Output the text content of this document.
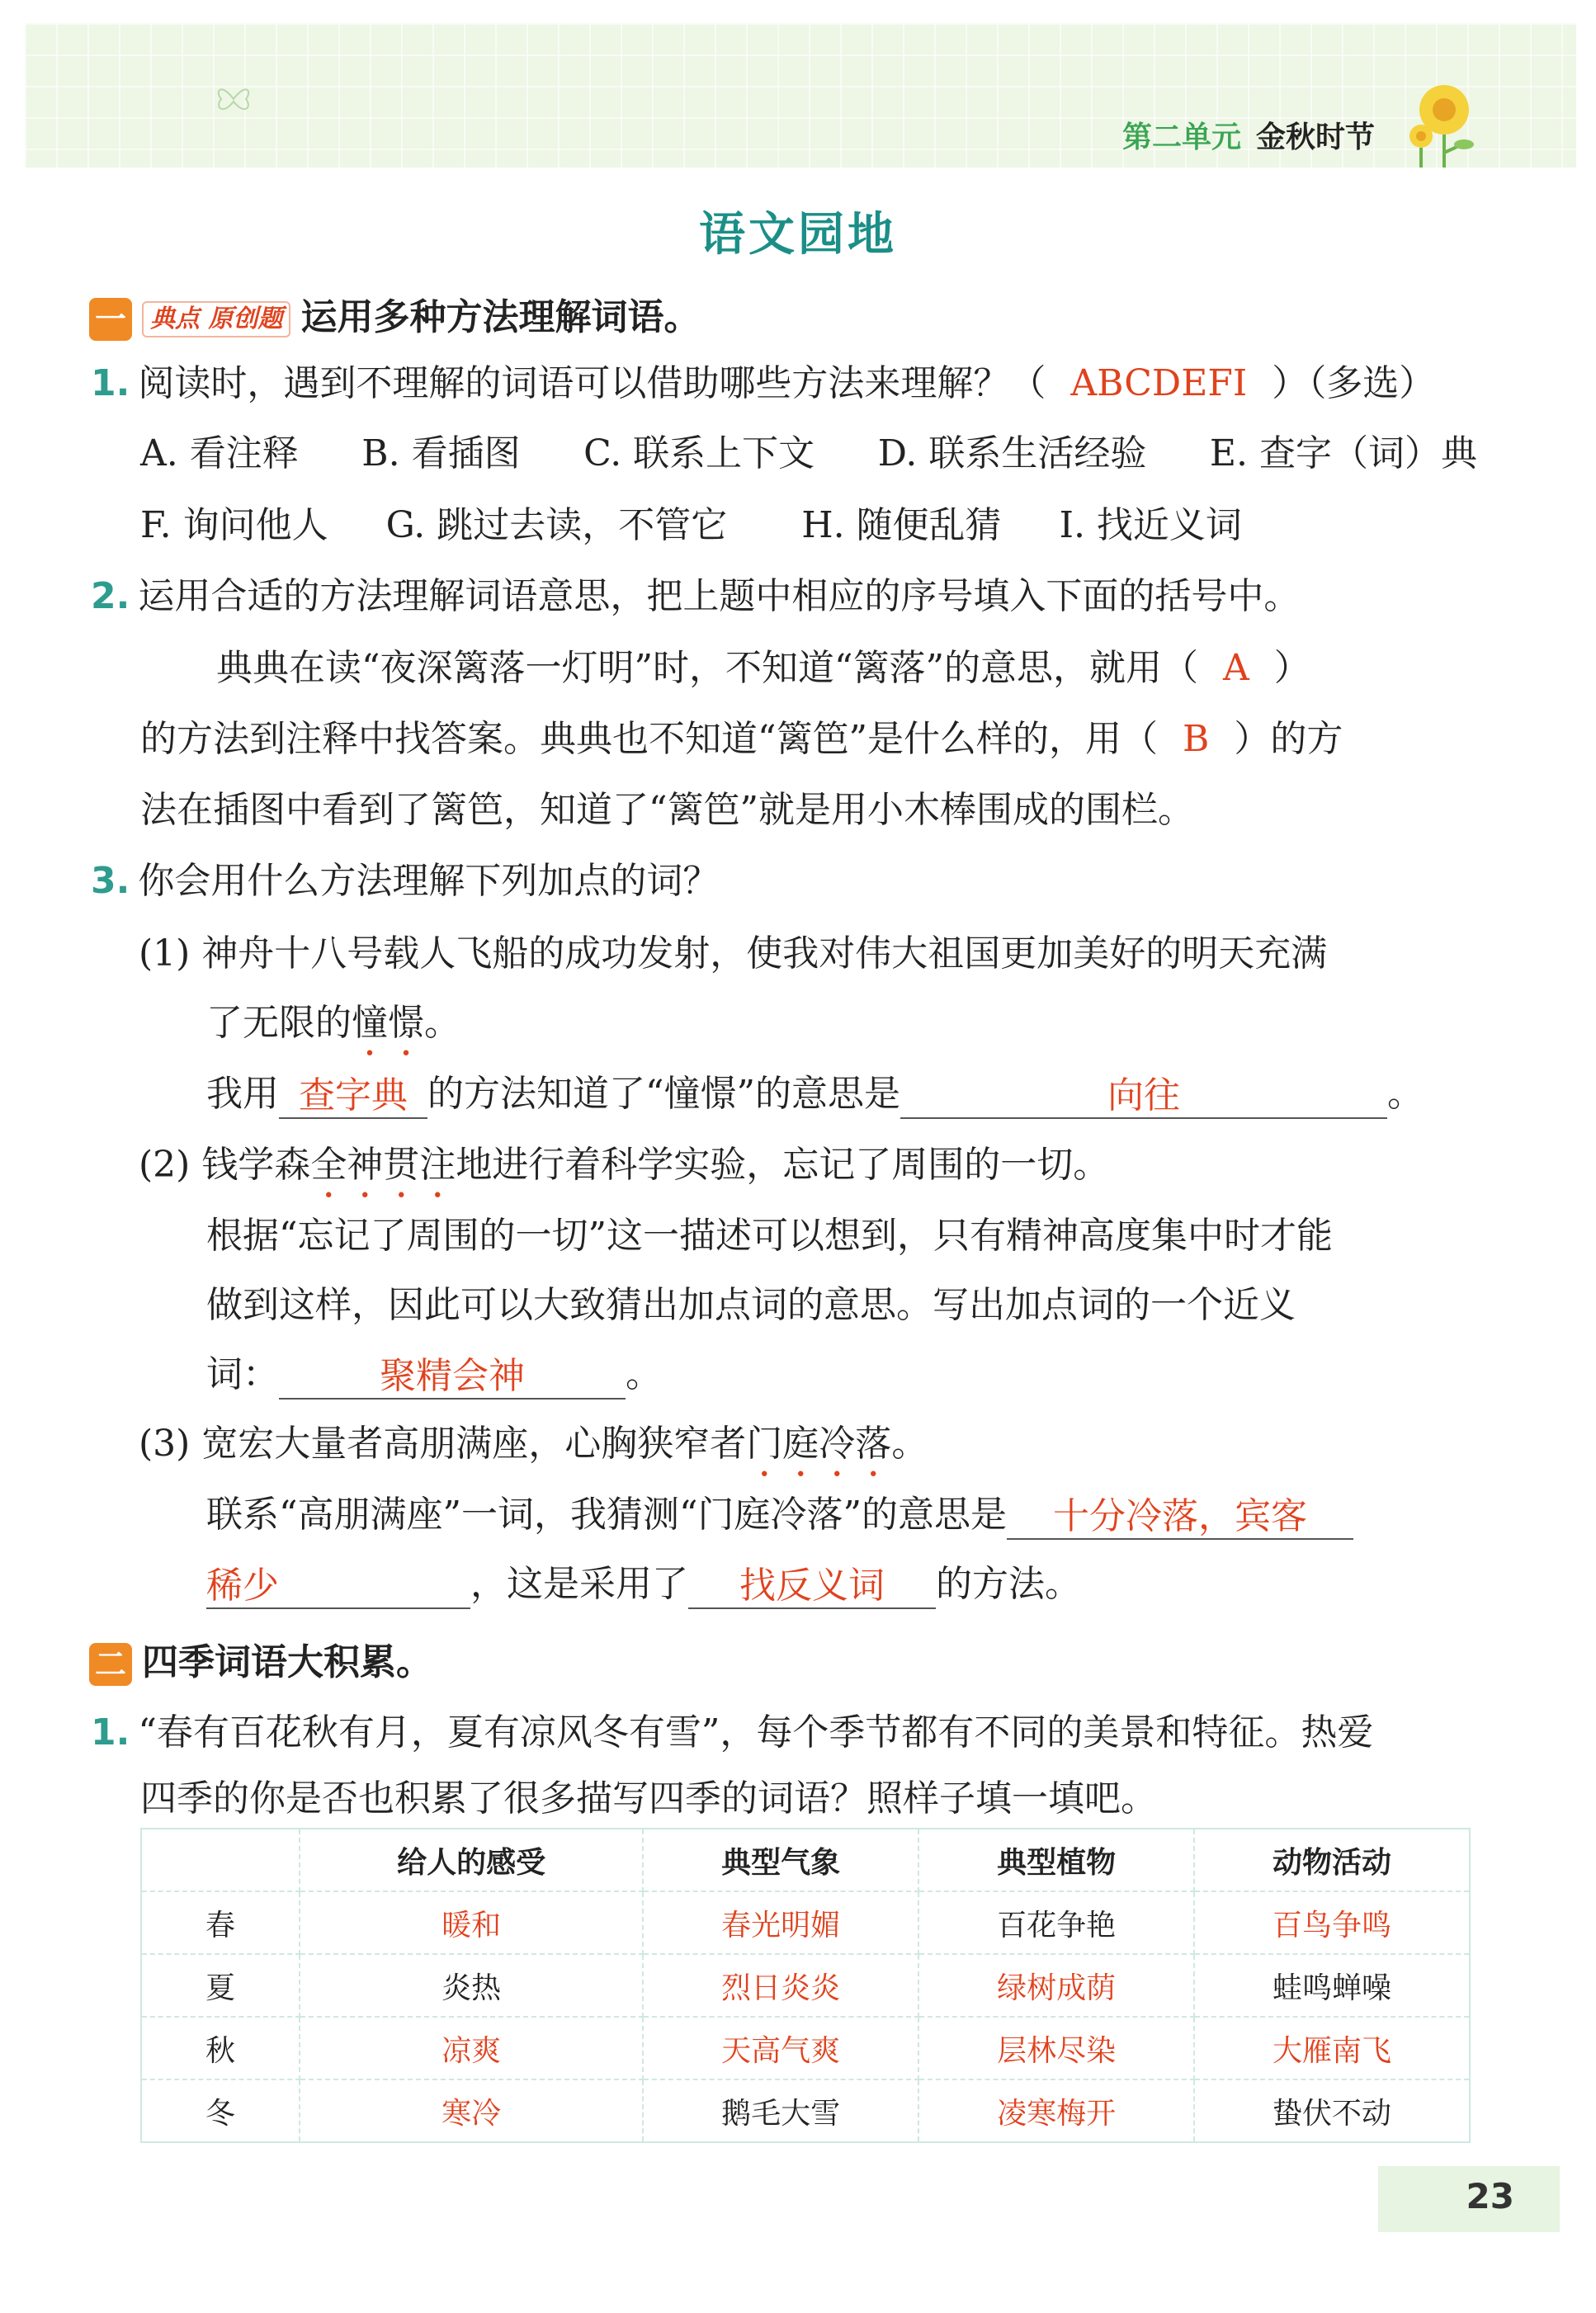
第二单元 金秋时节
语文园地
一 典点 原创题 运用多种方法理解词语。
1. 阅读时，遇到不理解的词语可以借助哪些方法来理解？（ ABCDEFI ）（多选）
A. 看注释 B. 看插图 C. 联系上下文 D. 联系生活经验 E. 查字（词）典
F. 询问他人 G. 跳过去读，不管它 H. 随便乱猜 I. 找近义词
2. 运用合适的方法理解词语意思，把上题中相应的序号填入下面的括号中。
典典在读“夜深篱落一灯明”时，不知道“篱落”的意思，就用（ A ）
的方法到注释中找答案。典典也不知道“篱笆”是什么样的，用（ B ）的方
法在插图中看到了篱笆，知道了“篱笆”就是用小木棒围成的围栏。
3. 你会用什么方法理解下列加点的词？
(1) 神舟十八号载人飞船的成功发射，使我对伟大祖国更加美好的明天充满
了无限的憧憬。
我用 查字典 的方法知道了“憧憬”的意思是	向往	。
(2) 钱学森全神贯注地进行着科学实验，忘记了周围的一切。
根据“忘记了周围的一切”这一描述可以想到，只有精神高度集中时才能
做到这样，因此可以大致猜出加点词的意思。写出加点词的一个近义
词：	聚精会神	。
(3) 宽宏大量者高朋满座，心胸狭窄者门庭冷落。
联系“高朋满座”一词，我猜测“门庭冷落”的意思是 十分冷落，宾客
稀少	，这是采用了 找反义词 的方法。
二 四季词语大积累。
1. “春有百花秋有月，夏有凉风冬有雪”，每个季节都有不同的美景和特征。热爱
四季的你是否也积累了很多描写四季的词语？照样子填一填吧。
	给人的感受	典型气象	典型植物	动物活动
春	暖和	春光明媚	百花争艳	百鸟争鸣
夏	炎热	烈日炎炎	绿树成荫	蛙鸣蝉噪
秋	凉爽	天高气爽	层林尽染	大雁南飞
冬	寒冷	鹅毛大雪	凌寒梅开	蛰伏不动
23
